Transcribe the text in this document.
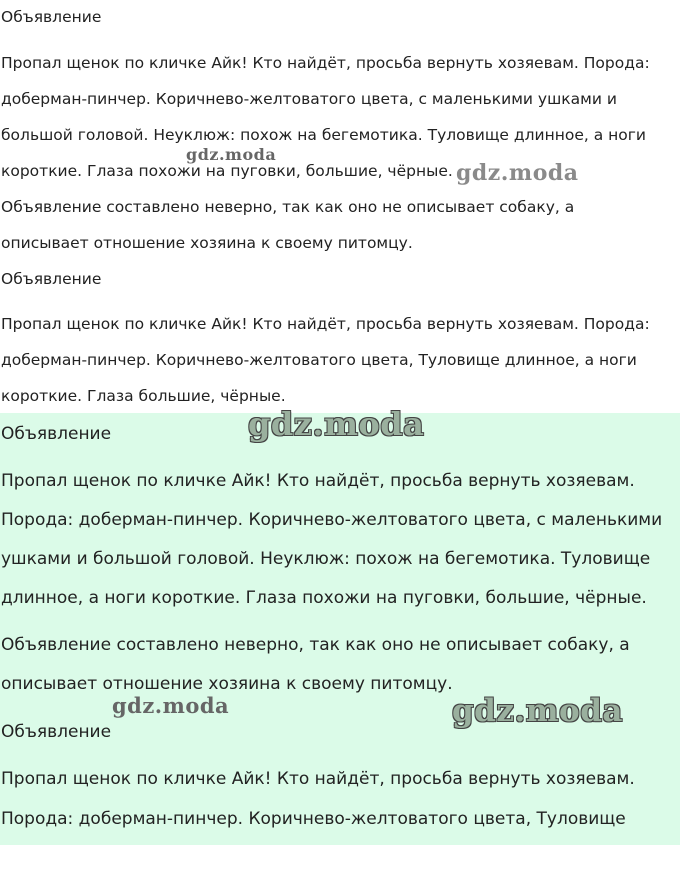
Объявление

Пропал щенок по кличке Айк! Кто найдёт, просьба вернуть хозяевам. Порода:

доберман-пинчер. Коричнево-желтоватого цвета, с маленькими ушками и

большой головой. Неуклюж: похож на бегемотика. Туловище длинное, а ноги

короткие. Глаза похожи на пуговки, большие, чёрные.

Объявление составлено неверно, так как оно не описывает собаку, а

описывает отношение хозяина к своему питомцу.

Объявление

Пропал щенок по кличке Айк! Кто найдёт, просьба вернуть хозяевам. Порода:

доберман-пинчер. Коричнево-желтоватого цвета, Туловище длинное, а ноги

короткие. Глаза большие, чёрные.

gdz.moda
gdz.moda

Объявление

Пропал щенок по кличке Айк! Кто найдёт, просьба вернуть хозяевам.

Порода: доберман-пинчер. Коричнево-желтоватого цвета, с маленькими

ушками и большой головой. Неуклюж: похож на бегемотика. Туловище

длинное, а ноги короткие. Глаза похожи на пуговки, большие, чёрные.

Объявление составлено неверно, так как оно не описывает собаку, а

описывает отношение хозяина к своему питомцу.

Объявление

Пропал щенок по кличке Айк! Кто найдёт, просьба вернуть хозяевам.

Порода: доберман-пинчер. Коричнево-желтоватого цвета, Туловище

gdz.moda
gdz.moda	gdz.moda
